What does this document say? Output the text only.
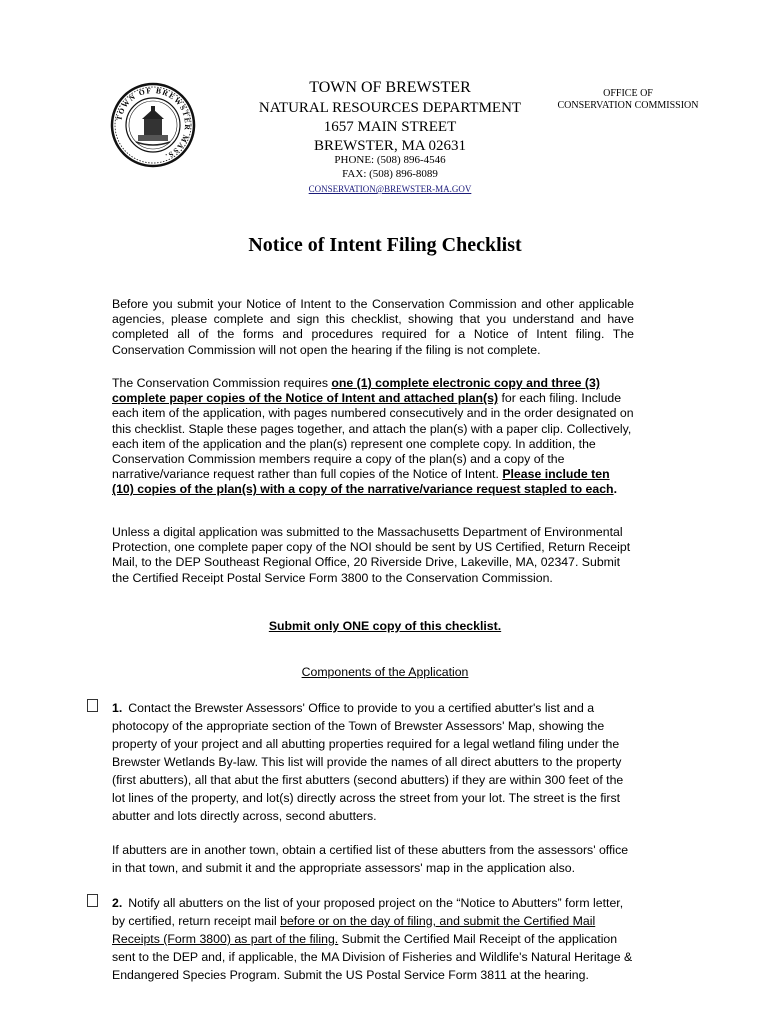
TOWN OF BREWSTER MASS.
TOWN OF BREWSTER
NATURAL RESOURCES DEPARTMENT
1657 MAIN STREET
BREWSTER, MA 02631
PHONE: (508) 896-4546
FAX: (508) 896-8089
CONSERVATION@BREWSTER-MA.GOV
OFFICE OF
CONSERVATION COMMISSION
Notice of Intent Filing Checklist
Before you submit your Notice of Intent to the Conservation Commission and other applicable agencies, please complete and sign this checklist, showing that you understand and have completed all of the forms and procedures required for a Notice of Intent filing. The Conservation Commission will not open the hearing if the filing is not complete.
The Conservation Commission requires one (1) complete electronic copy and three (3) complete paper copies of the Notice of Intent and attached plan(s) for each filing. Include each item of the application, with pages numbered consecutively and in the order designated on this checklist. Staple these pages together, and attach the plan(s) with a paper clip. Collectively, each item of the application and the plan(s) represent one complete copy. In addition, the Conservation Commission members require a copy of the plan(s) and a copy of the narrative/variance request rather than full copies of the Notice of Intent. Please include ten (10) copies of the plan(s) with a copy of the narrative/variance request stapled to each.
Unless a digital application was submitted to the Massachusetts Department of Environmental Protection, one complete paper copy of the NOI should be sent by US Certified, Return Receipt Mail, to the DEP Southeast Regional Office, 20 Riverside Drive, Lakeville, MA, 02347. Submit the Certified Receipt Postal Service Form 3800 to the Conservation Commission.
Submit only ONE copy of this checklist.
Components of the Application
1. Contact the Brewster Assessors' Office to provide to you a certified abutter's list and a photocopy of the appropriate section of the Town of Brewster Assessors' Map, showing the property of your project and all abutting properties required for a legal wetland filing under the Brewster Wetlands By-law. This list will provide the names of all direct abutters to the property (first abutters), all that abut the first abutters (second abutters) if they are within 300 feet of the lot lines of the property, and lot(s) directly across the street from your lot. The street is the first abutter and lots directly across, second abutters.
If abutters are in another town, obtain a certified list of these abutters from the assessors' office in that town, and submit it and the appropriate assessors' map in the application also.
2. Notify all abutters on the list of your proposed project on the “Notice to Abutters” form letter, by certified, return receipt mail before or on the day of filing, and submit the Certified Mail Receipts (Form 3800) as part of the filing. Submit the Certified Mail Receipt of the application sent to the DEP and, if applicable, the MA Division of Fisheries and Wildlife's Natural Heritage & Endangered Species Program. Submit the US Postal Service Form 3811 at the hearing.
